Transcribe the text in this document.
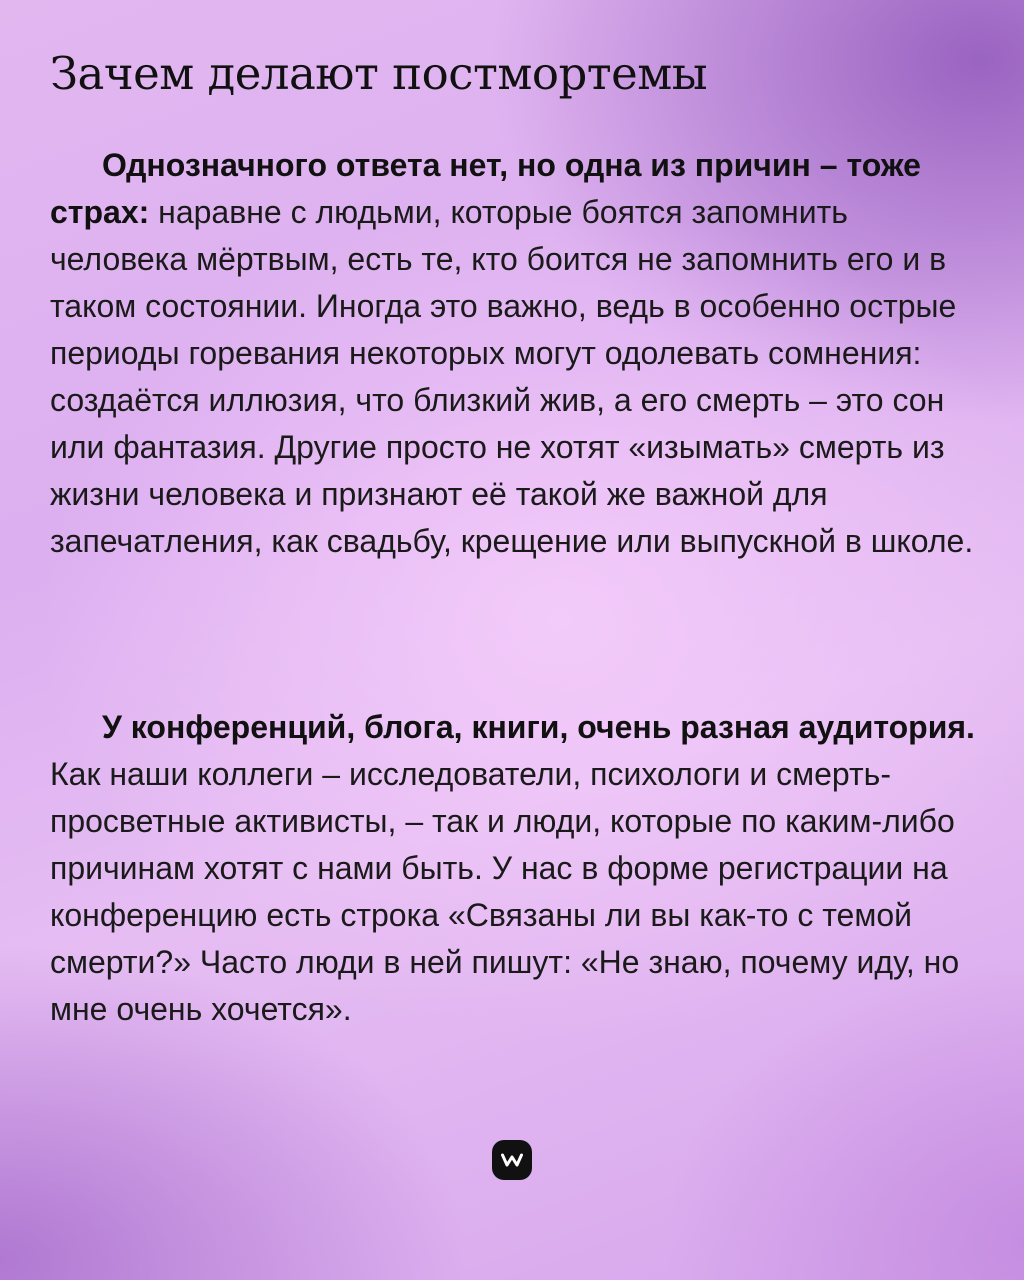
Зачем делают постмортемы

Однозначного ответа нет, но одна из причин – тоже страх: наравне с людьми, которые боятся запомнить человека мёртвым, есть те, кто боится не запомнить его и в таком состоянии. Иногда это важно, ведь в особенно острые периоды горевания некоторых могут одолевать сомнения: создаётся иллюзия, что близкий жив, а его смерть – это сон или фантазия. Другие просто не хотят «изымать» смерть из жизни человека и признают её такой же важной для запечатления, как свадьбу, крещение или выпускной в школе.

У конференций, блога, книги, очень разная аудитория. Как наши коллеги – исследователи, психологи и смерть-просветные активисты, – так и люди, которые по каким-либо причинам хотят с нами быть. У нас в форме регистрации на конференцию есть строка «Связаны ли вы как-то с темой смерти?» Часто люди в ней пишут: «Не знаю, почему иду, но мне очень хочется».
